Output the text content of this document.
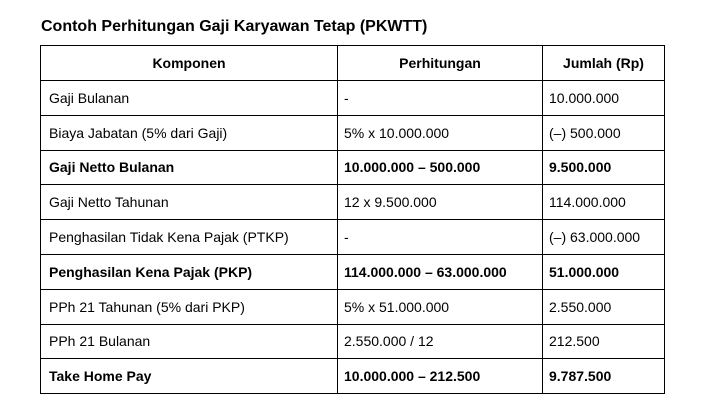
Contoh Perhitungan Gaji Karyawan Tetap (PKWTT)
Komponen	Perhitungan	Jumlah (Rp)
Gaji Bulanan	-	10.000.000
Biaya Jabatan (5% dari Gaji)	5% x 10.000.000	(–) 500.000
Gaji Netto Bulanan	10.000.000 – 500.000	9.500.000
Gaji Netto Tahunan	12 x 9.500.000	114.000.000
Penghasilan Tidak Kena Pajak (PTKP)	-	(–) 63.000.000
Penghasilan Kena Pajak (PKP)	114.000.000 – 63.000.000	51.000.000
PPh 21 Tahunan (5% dari PKP)	5% x 51.000.000	2.550.000
PPh 21 Bulanan	2.550.000 / 12	212.500
Take Home Pay	10.000.000 – 212.500	9.787.500
